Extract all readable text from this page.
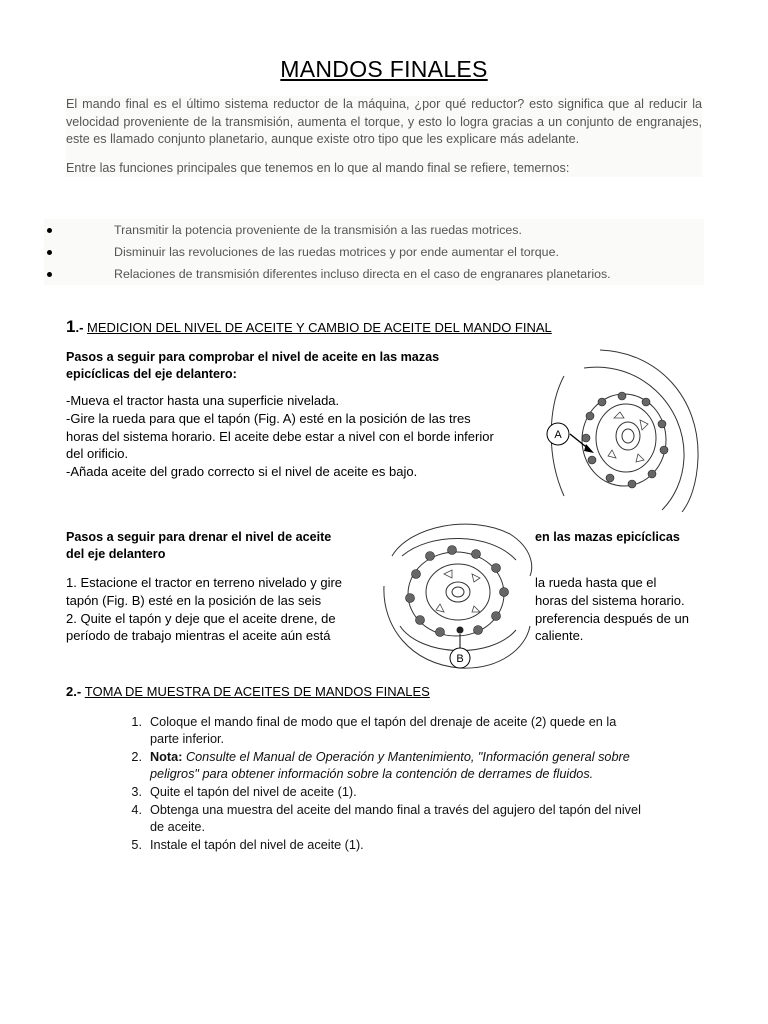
MANDOS FINALES

El mando final es el último sistema reductor de la máquina, ¿por qué reductor? esto significa que al reducir la velocidad proveniente de la transmisión, aumenta el torque, y esto lo logra gracias a un conjunto de engranajes, este es llamado conjunto planetario, aunque existe otro tipo que les explicare más adelante.

Entre las funciones principales que tenemos en lo que al mando final se refiere, temernos:

Transmitir la potencia proveniente de la transmisión a las ruedas motrices.
Disminuir las revoluciones de las ruedas motrices y por ende aumentar el torque.
Relaciones de transmisión diferentes incluso directa en el caso de engranares planetarios.
1.- MEDICION DEL NIVEL DE ACEITE Y CAMBIO DE ACEITE DEL MANDO FINAL
Pasos a seguir para comprobar el nivel de aceite en las mazas
epicíclicas del eje delantero:
-Mueva el tractor hasta una superficie nivelada.
-Gire la rueda para que el tapón (Fig. A) esté en la posición de las tres
horas del sistema horario. El aceite debe estar a nivel con el borde inferior
del orificio.
-Añada aceite del grado correcto si el nivel de aceite es bajo.
A
Pasos a seguir para drenar el nivel de aceite
del eje delantero
en las mazas epicíclicas
1. Estacione el tractor en terreno nivelado y gire
tapón (Fig. B) esté en la posición de las seis
2. Quite el tapón y deje que el aceite drene, de
período de trabajo mientras el aceite aún está
la rueda hasta que el
horas del sistema horario.
preferencia después de un
caliente.
B
2.- TOMA DE MUESTRA DE ACEITES DE MANDOS FINALES
1. Coloque el mando final de modo que el tapón del drenaje de aceite (2) quede en la
parte inferior.
2. Nota: Consulte el Manual de Operación y Mantenimiento, "Información general sobre
peligros" para obtener información sobre la contención de derrames de fluidos.
3. Quite el tapón del nivel de aceite (1).
4. Obtenga una muestra del aceite del mando final a través del agujero del tapón del nivel
de aceite.
5. Instale el tapón del nivel de aceite (1).
